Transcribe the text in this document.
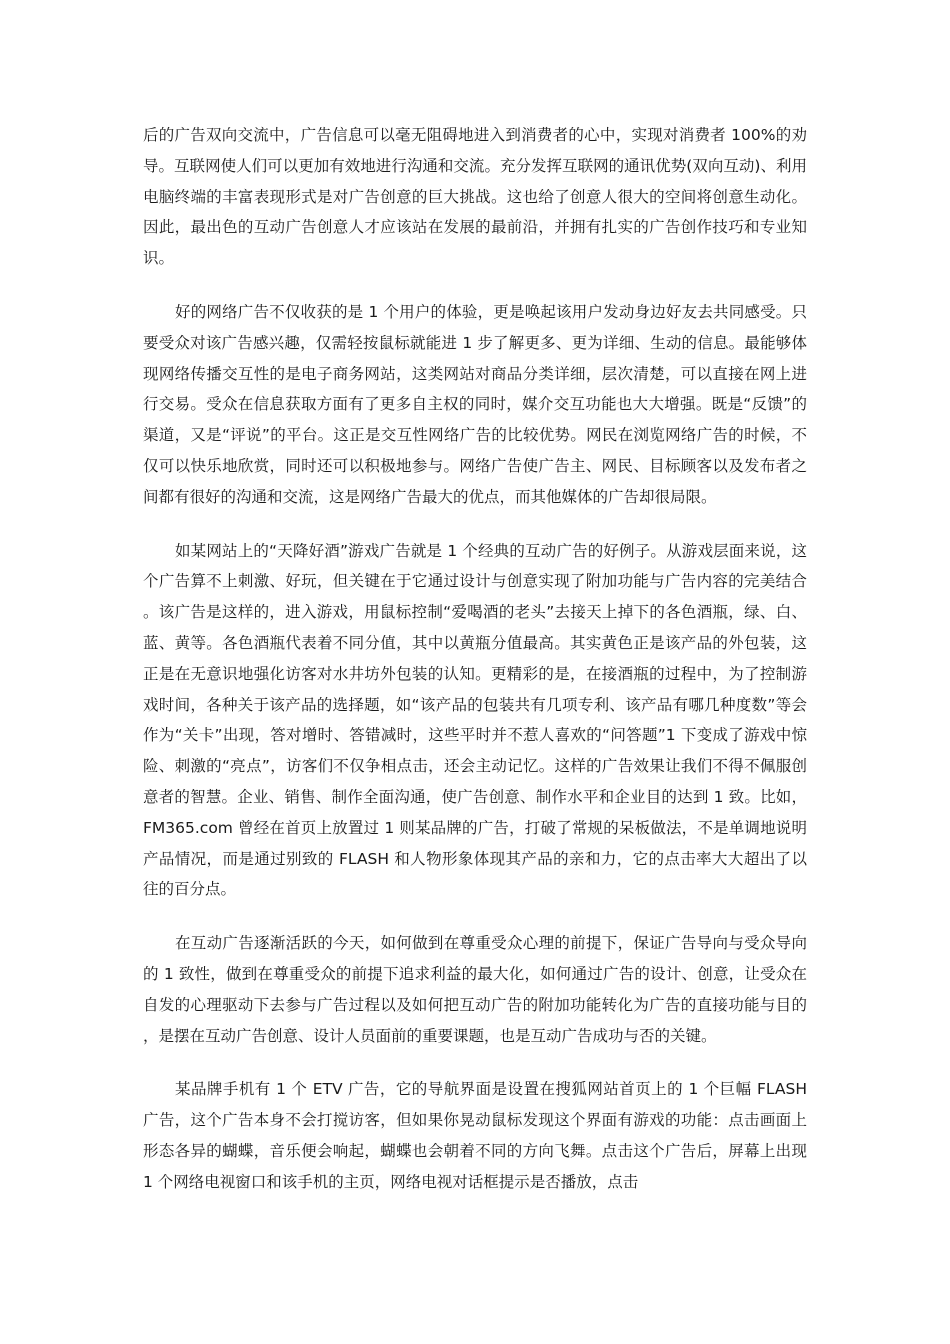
后的广告双向交流中，广告信息可以毫无阻碍地进入到消费者的心中，实现对消费者 100%的劝导。互联网使人们可以更加有效地进行沟通和交流。充分发挥互联网的通讯优势(双向互动)、利用电脑终端的丰富表现形式是对广告创意的巨大挑战。这也给了创意人很大的空间将创意生动化。因此，最出色的互动广告创意人才应该站在发展的最前沿，并拥有扎实的广告创作技巧和专业知识。

好的网络广告不仅收获的是 1 个用户的体验，更是唤起该用户发动身边好友去共同感受。只要受众对该广告感兴趣，仅需轻按鼠标就能进 1 步了解更多、更为详细、生动的信息。最能够体现网络传播交互性的是电子商务网站，这类网站对商品分类详细，层次清楚，可以直接在网上进行交易。受众在信息获取方面有了更多自主权的同时，媒介交互功能也大大增强。既是“反馈”的渠道，又是“评说”的平台。这正是交互性网络广告的比较优势。网民在浏览网络广告的时候，不仅可以快乐地欣赏，同时还可以积极地参与。网络广告使广告主、网民、目标顾客以及发布者之间都有很好的沟通和交流，这是网络广告最大的优点，而其他媒体的广告却很局限。

如某网站上的“天降好酒”游戏广告就是 1 个经典的互动广告的好例子。从游戏层面来说，这个广告算不上刺激、好玩，但关键在于它通过设计与创意实现了附加功能与广告内容的完美结合。该广告是这样的，进入游戏，用鼠标控制“爱喝酒的老头”去接天上掉下的各色酒瓶，绿、白、蓝、黄等。各色酒瓶代表着不同分值，其中以黄瓶分值最高。其实黄色正是该产品的外包装，这正是在无意识地强化访客对水井坊外包装的认知。更精彩的是，在接酒瓶的过程中，为了控制游戏时间，各种关于该产品的选择题，如“该产品的包装共有几项专利、该产品有哪几种度数”等会作为“关卡”出现，答对增时、答错减时，这些平时并不惹人喜欢的“问答题”1 下变成了游戏中惊险、刺激的“亮点”，访客们不仅争相点击，还会主动记忆。这样的广告效果让我们不得不佩服创意者的智慧。企业、销售、制作全面沟通，使广告创意、制作水平和企业目的达到 1 致。比如，FM365.com 曾经在首页上放置过 1 则某品牌的广告，打破了常规的呆板做法，不是单调地说明产品情况，而是通过别致的 FLASH 和人物形象体现其产品的亲和力，它的点击率大大超出了以往的百分点。

在互动广告逐渐活跃的今天，如何做到在尊重受众心理的前提下，保证广告导向与受众导向的 1 致性，做到在尊重受众的前提下追求利益的最大化，如何通过广告的设计、创意，让受众在自发的心理驱动下去参与广告过程以及如何把互动广告的附加功能转化为广告的直接功能与目的，是摆在互动广告创意、设计人员面前的重要课题，也是互动广告成功与否的关键。

某品牌手机有 1 个 ETV 广告，它的导航界面是设置在搜狐网站首页上的 1 个巨幅 FLASH 广告，这个广告本身不会打搅访客，但如果你晃动鼠标发现这个界面有游戏的功能：点击画面上形态各异的蝴蝶，音乐便会响起，蝴蝶也会朝着不同的方向飞舞。点击这个广告后，屏幕上出现 1 个网络电视窗口和该手机的主页，网络电视对话框提示是否播放，点击
